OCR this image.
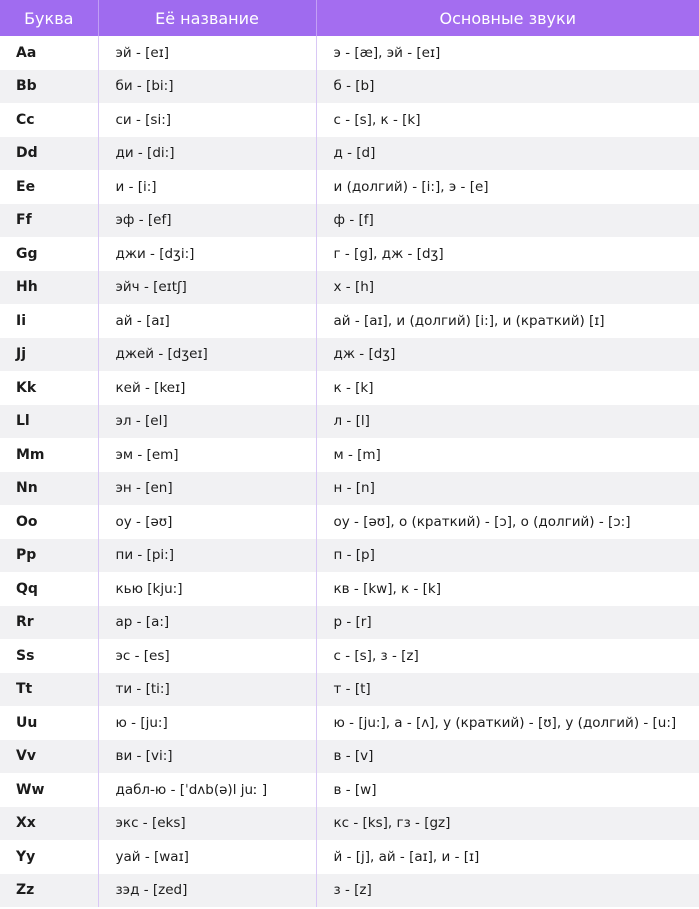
Буква	Её название	Основные звуки
Aa	эй - [eɪ]	э - [æ], эй - [eɪ]
Bb	би - [bi:]	б - [b]
Cc	си - [si:]	с - [s], к - [k]
Dd	ди - [di:]	д - [d]
Ee	и - [i:]	и (долгий) - [i:], э - [e]
Ff	эф - [ef]	ф - [f]
Gg	джи - [dʒi:]	г - [g], дж - [dʒ]
Hh	эйч - [eɪtʃ]	х - [h]
Ii	ай - [aɪ]	ай - [aɪ], и (долгий) [i:], и (краткий) [ɪ]
Jj	джей - [dʒeɪ]	дж - [dʒ]
Kk	кей - [keɪ]	к - [k]
Ll	эл - [el]	л - [l]
Mm	эм - [em]	м - [m]
Nn	эн - [en]	н - [n]
Oo	оу - [əʊ]	оу - [əʊ], о (краткий) - [ɔ], о (долгий) - [ɔ:]
Pp	пи - [pi:]	п - [p]
Qq	кью [kju:]	кв - [kw], к - [k]
Rr	ар - [a:]	р - [r]
Ss	эс - [es]	с - [s], з - [z]
Tt	ти - [ti:]	т - [t]
Uu	ю - [ju:]	ю - [ju:], а - [ʌ], у (краткий) - [ʊ], у (долгий) - [u:]
Vv	ви - [vi:]	в - [v]
Ww	дабл-ю - [ˈdʌb(ə)l juː ]	в - [w]
Xx	экс - [eks]	кс - [ks], гз - [gz]
Yy	уай - [waɪ]	й - [j], ай - [aɪ], и - [ɪ]
Zz	зэд - [zed]	з - [z]
